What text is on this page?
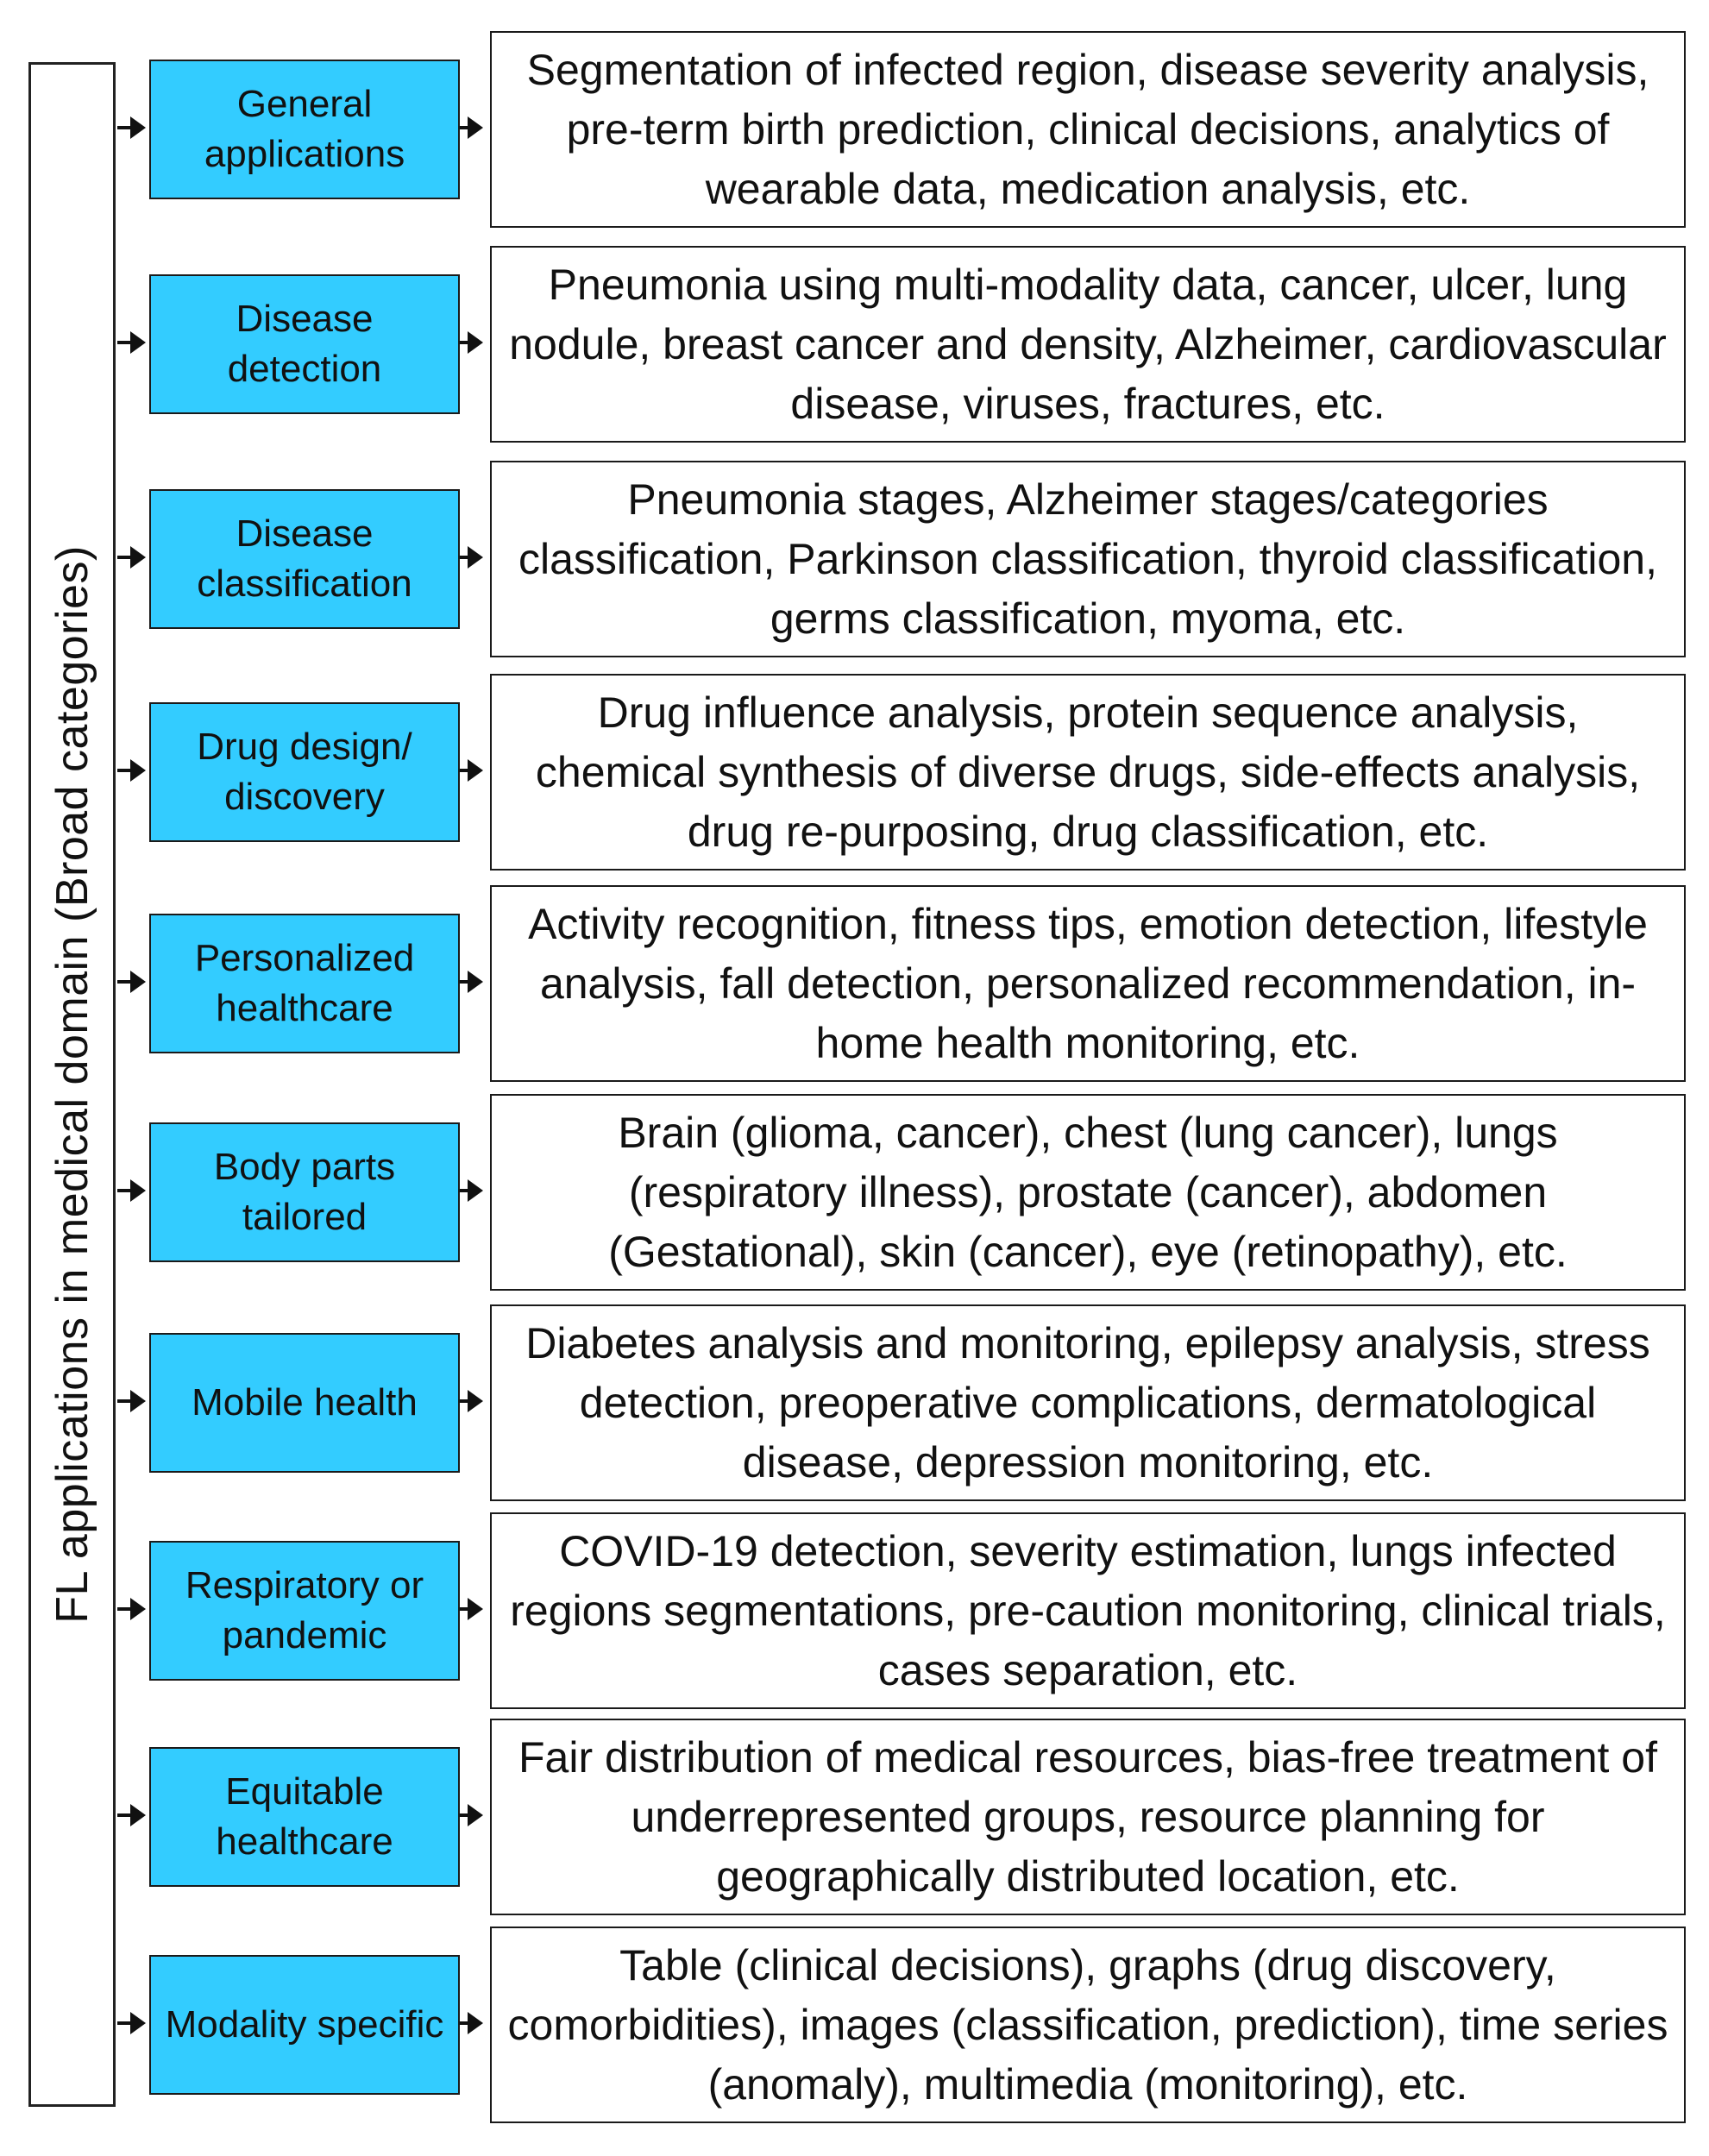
FL applications in medical domain (Broad categories)
General applications
Segmentation of infected region, disease severity analysis, pre-term birth prediction, clinical decisions, analytics of wearable data, medication analysis, etc.
Disease detection
Pneumonia using multi-modality data, cancer, ulcer, lung nodule, breast cancer and density, Alzheimer, cardiovascular disease, viruses, fractures, etc.
Disease classification
Pneumonia stages, Alzheimer stages/categories classification, Parkinson classification, thyroid classification, germs classification, myoma, etc.
Drug design/ discovery
Drug influence analysis, protein sequence analysis, chemical synthesis of diverse drugs, side-effects analysis, drug re-purposing, drug classification, etc.
Personalized healthcare
Activity recognition, fitness tips, emotion detection, lifestyle analysis, fall detection, personalized recommendation, in-home health monitoring, etc.
Body parts tailored
Brain (glioma, cancer), chest (lung cancer), lungs (respiratory illness), prostate (cancer), abdomen (Gestational), skin (cancer), eye (retinopathy), etc.
Mobile health
Diabetes analysis and monitoring, epilepsy analysis, stress detection, preoperative complications, dermatological disease, depression monitoring, etc.
Respiratory or pandemic
COVID-19 detection, severity estimation, lungs infected regions segmentations, pre-caution monitoring, clinical trials, cases separation, etc.
Equitable healthcare
Fair distribution of medical resources, bias-free treatment of underrepresented groups, resource planning for geographically distributed location, etc.
Modality specific
Table (clinical decisions), graphs (drug discovery, comorbidities), images (classification, prediction), time series (anomaly), multimedia (monitoring), etc.
